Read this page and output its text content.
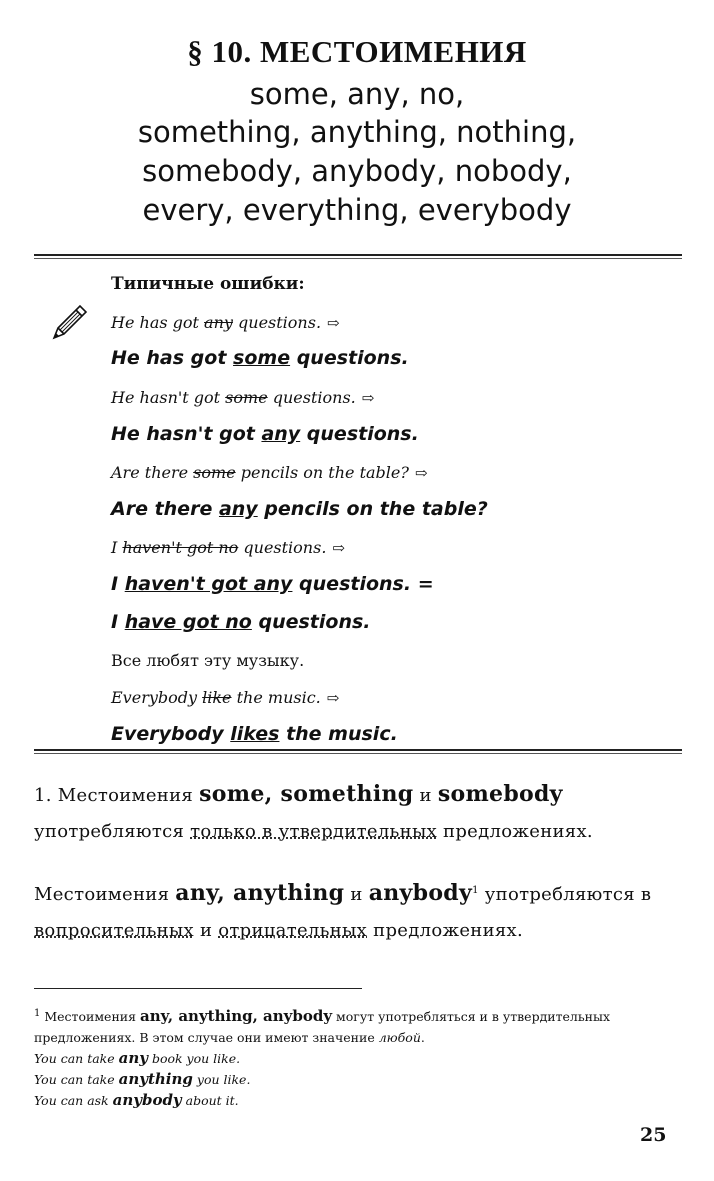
§ 10. МЕСТОИМЕНИЯ
some, any, no,
something, anything, nothing,
somebody, anybody, nobody,
every, everything, everybody
Типичные ошибки:
He has got any questions. ⇨
He has got some questions.
He hasn't got some questions. ⇨
He hasn't got any questions.
Are there some pencils on the table? ⇨
Are there any pencils on the table?
I haven't got no questions. ⇨
I haven't got any questions. =
I have got no questions.
Все любят эту музыку.
Everybody like the music. ⇨
Everybody likes the music.
1. Местоимения some, something и somebody употребляются только в утвердительных предложениях.
Местоимения any, anything и anybody$^1$ употребляются в вопросительных и отрицательных предложениях.
$^1$ Местоимения any, anything, anybody могут употребляться и в утвердительных предложениях. В этом случае они имеют значение любой.
You can take any book you like.
You can take anything you like.
You can ask anybody about it.
25
